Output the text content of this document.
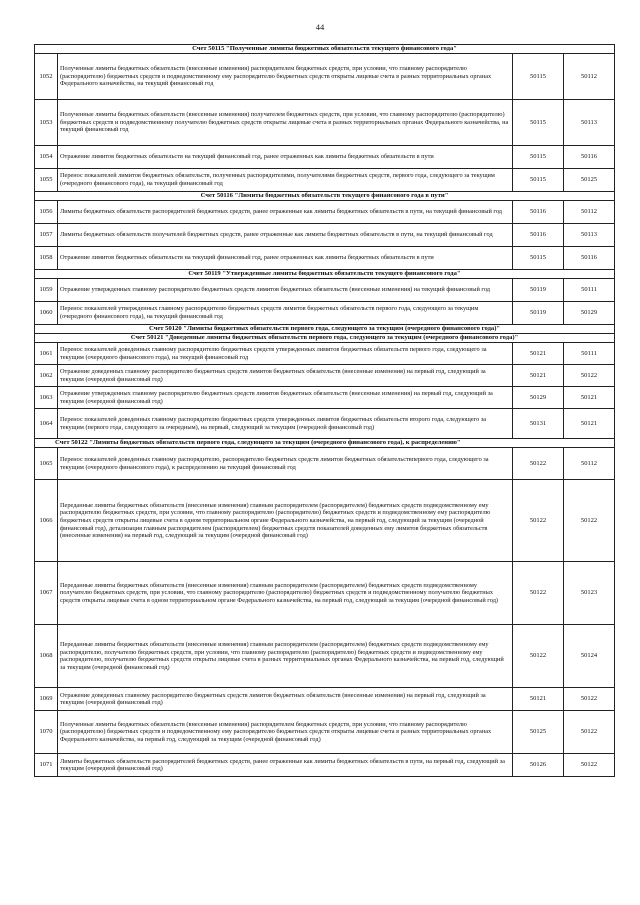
44
Счет 50115 "Полученные лимиты бюджетных обязательств текущего финансового года"			
1052	Полученные лимиты бюджетных обязательств (внесенные изменения) распорядителем бюджетных средств, при условии, что главному распорядителю (распорядителю) бюджетных средств и подведомственному ему распорядителю бюджетных средств открыты лицевые счета в разных территориальных органах Федерального казначейства, на текущий финансовый год	50115	50112
1053	Полученные лимиты бюджетных обязательств (внесенные изменения) получателем бюджетных средств, при условии, что главному распорядителю (распорядителю) бюджетных средств и подведомственному получателю бюджетных средств открыты лицевые счета в разных территориальных органах Федерального казначейства, на текущий финансовый год	50115	50113
1054	Отражение лимитов бюджетных обязательств на текущий финансовый год, ранее отраженных как лимиты бюджетных обязательств в пути	50115	50116
1055	Перенос показателей лимитов бюджетных обязательств, полученных распорядителями, получателями бюджетных средств, первого года, следующего за текущим (очередного финансового года), на текущий финансовый год	50115	50125
Счет 50116 "Лимиты бюджетных обязательств текущего финансового года в пути"			
1056	Лимиты бюджетных обязательств распорядителей бюджетных средств, ранее отраженные как лимиты бюджетных обязательств в пути, на текущий финансовый год	50116	50112
1057	Лимиты бюджетных обязательств получателей бюджетных средств, ранее отраженные как лимиты бюджетных обязательств в пути, на текущий финансовый год	50116	50113
1058	Отражение лимитов бюджетных обязательств на текущий финансовый год, ранее отраженных как лимиты бюджетных обязательств в пути	50115	50116
Счет 50119 "Утвержденные лимиты бюджетных обязательств текущего финансового года"			
1059	Отражение утвержденных главному распорядителю бюджетных средств лимитов бюджетных обязательств (внесенные изменения) на текущий финансовый год	50119	50111
1060	Перенос показателей утвержденных главному распорядителю бюджетных средств лимитов бюджетных обязательств первого года, следующего за текущим (очередного финансового года), на текущий финансовый год	50119	50129
Счет 50120 "Лимиты бюджетных обязательств первого года, следующего за текущим (очередного финансового года)"			
Счет 50121 "Доведенные лимиты бюджетных обязательств первого года, следующего за текущим (очередного финансового года)"			
1061	Перенос показателей доведенных главному распорядителю бюджетных средств утвержденных лимитов бюджетных обязательств первого года, следующего за текущим (очередного финансового года), на текущий финансовый год	50121	50111
1062	Отражение доведенных главному распорядителю бюджетных средств лимитов бюджетных обязательств (внесенные изменения) на первый год, следующий за текущим (очередной финансовый год)	50121	50122
1063	Отражение утвержденных главному распорядителю бюджетных средств лимитов бюджетных обязательств (внесенные изменения) на первый год, следующий за текущим (очередной финансовый год)	50129	50121
1064	Перенос показателей доведенных главному распорядителю бюджетных средств утвержденных лимитов бюджетных обязательств второго года, следующего за текущим (первого года, следующего за очередным), на первый, следующий за текущим (очередной финансовый год)	50131	50121
Счет 50122 "Лимиты бюджетных обязательств первого года, следующего за текущим (очередного финансового года), к распределению"			
1065	Перенос показателей доведенных главному распорядителю, распорядителю бюджетных средств лимитов бюджетных обязательствпервого года, следующего за текущим (очередного финансового года), к распределению на текущий финансовый год	50122	50112
1066	Переданные лимиты бюджетных обязательств (внесенные изменения) главным распорядителем (распорядителем) бюджетных средств подведомственному ему распорядителю бюджетных средств, при условии, что главному распорядителю (распорядителю) бюджетных средств и подведомственному ему распорядителю бюджетных средств открыты лицевые счета в одном территориальном органе Федерального казначейства, на первый год, следующий за текущим (очередной финансовый год), детализация главным распорядителем (распорядителем) бюджетных средств показателей доведенных ему лимитов бюджетных обязательств (внесенные изменения) на первый год, следующий за текущим (очередной финансовый год)	50122	50122
1067	Переданные лимиты бюджетных обязательств (внесенные изменения) главным распорядителем (распорядителем) бюджетных средств подведомственному получателю бюджетных средств, при условии, что главному распорядителю (распорядителю) бюджетных средств и подведомственному получателю бюджетных средств открыты лицевые счета в одном территориальном органе Федерального казначейства, на первый год, следующий за текущим (очередной финансовый год)	50122	50123
1068	Переданные лимиты бюджетных обязательств (внесенные изменения) главным распорядителем (распорядителем) бюджетных средств подведомственному ему распорядителю, получателю бюджетных средств, при условии, что главному распорядителю (распорядителю) бюджетных средств и подведомственному ему распорядителю, получателю бюджетных средств открыты лицевые счета в разных территориальных органах Федерального казначейства, на первый год, следующий за текущим (очередной финансовый год)	50122	50124
1069	Отражение доведенных главному распорядителю бюджетных средств лимитов бюджетных обязательств (внесенные изменения) на первый год, следующий за текущим (очередной финансовый год)	50121	50122
1070	Полученные лимиты бюджетных обязательств (внесенные изменения) распорядителем бюджетных средств, при условии, что главному распорядителю (распорядителю) бюджетных средств и подведомственному ему распорядителю бюджетных средств открыты лицевые счета в разных территориальных органах Федерального казначейства, на первый год, следующий за текущим (очередной финансовый год)	50125	50122
1071	Лимиты бюджетных обязательств распорядителей бюджетных средств, ранее отраженные как лимиты бюджетных обязательств в пути, на первый год, следующий за текущим (очередной финансовый год)	50126	50122
